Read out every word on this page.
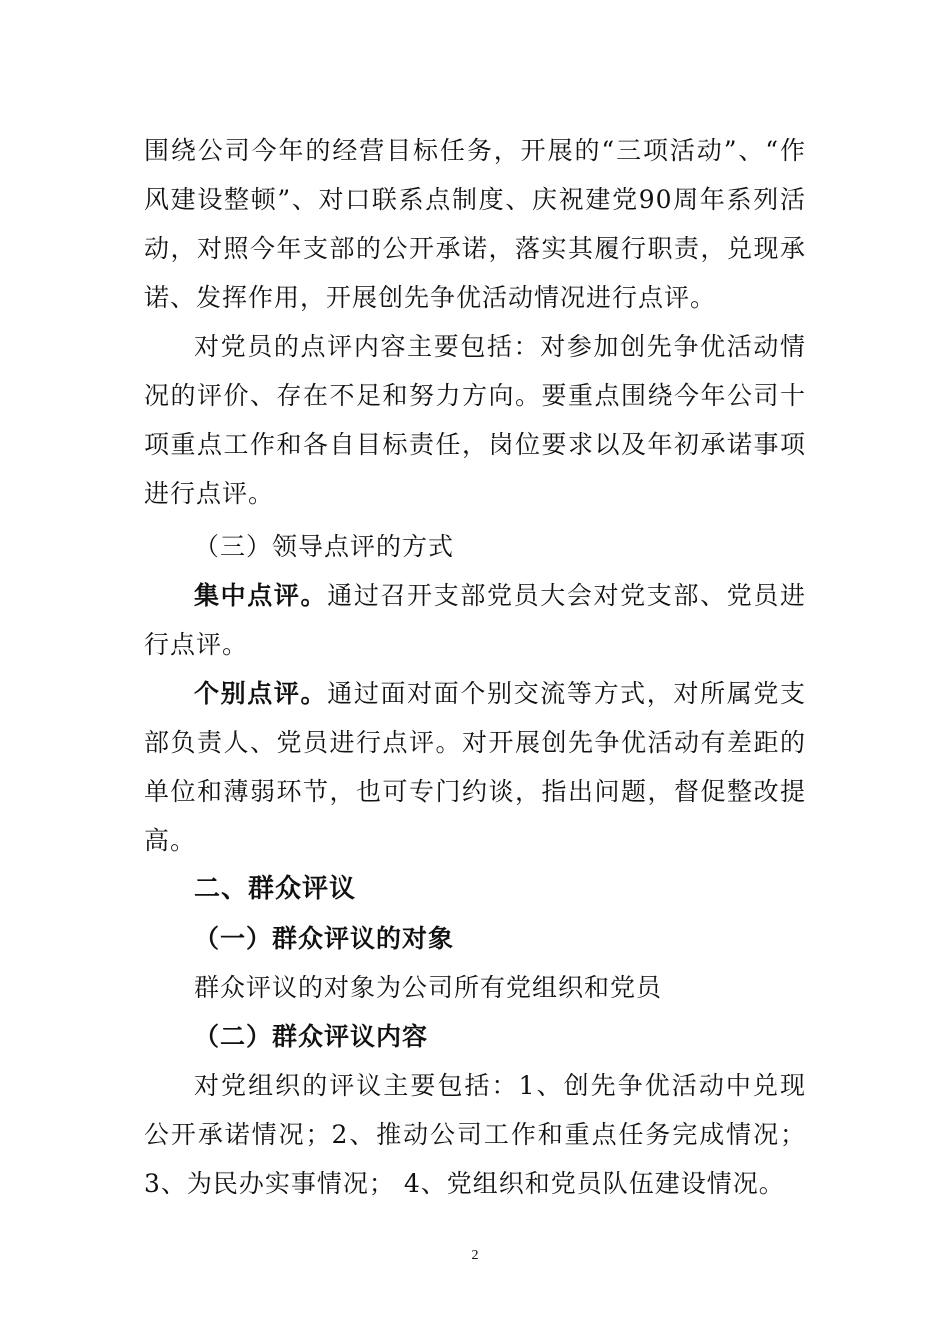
围绕公司今年的经营目标任务，开展的“三项活动”、“作风建设整顿”、对口联系点制度、庆祝建党90周年系列活动，对照今年支部的公开承诺，落实其履行职责，兑现承诺、发挥作用，开展创先争优活动情况进行点评。

对党员的点评内容主要包括：对参加创先争优活动情况的评价、存在不足和努力方向。要重点围绕今年公司十项重点工作和各自目标责任，岗位要求以及年初承诺事项进行点评。

（三）领导点评的方式

集中点评。通过召开支部党员大会对党支部、党员进行点评。

个别点评。通过面对面个别交流等方式，对所属党支部负责人、党员进行点评。对开展创先争优活动有差距的单位和薄弱环节，也可专门约谈，指出问题，督促整改提高。

二、群众评议

（一）群众评议的对象

群众评议的对象为公司所有党组织和党员

（二）群众评议内容

对党组织的评议主要包括：1、创先争优活动中兑现公开承诺情况；2、推动公司工作和重点任务完成情况；3、为民办实事情况； 4、党组织和党员队伍建设情况。

2
